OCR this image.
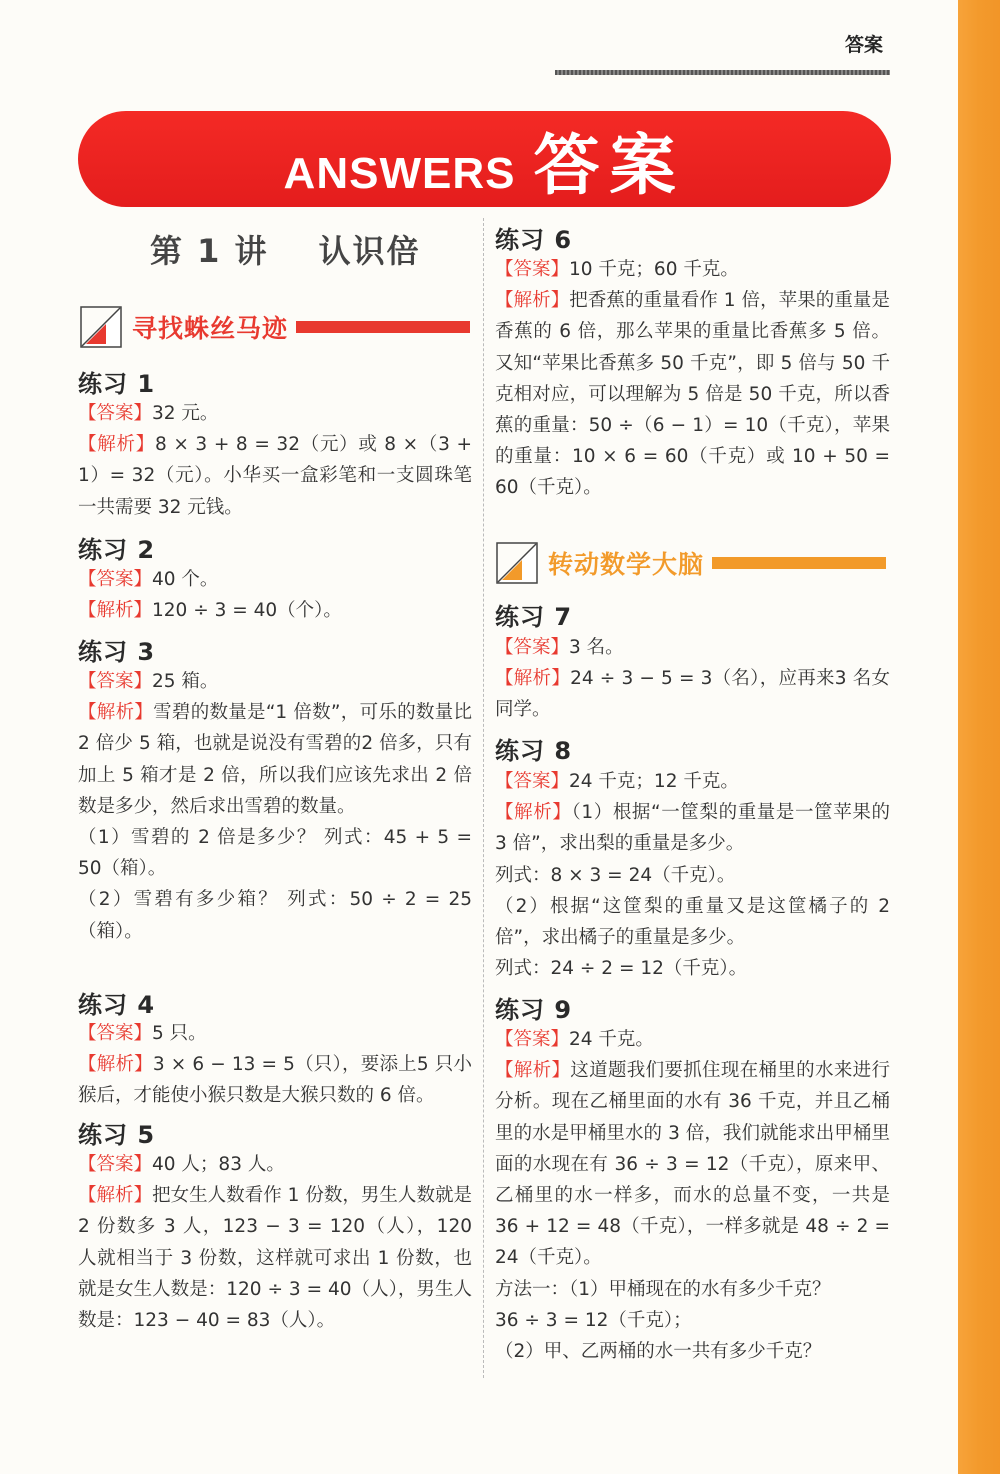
答案
ANSWERS 答案
第 1 讲 认识倍
寻找蛛丝马迹
练习 1
【答案】32 元。
【解析】8 × 3 + 8 = 32（元）或 8 ×（3 + 1）= 32（元）。小华买一盒彩笔和一支圆珠笔一共需要 32 元钱。
练习 2
【答案】40 个。
【解析】120 ÷ 3 = 40（个）。
练习 3
【答案】25 箱。
【解析】雪碧的数量是“1 倍数”，可乐的数量比 2 倍少 5 箱，也就是说没有雪碧的2 倍多，只有加上 5 箱才是 2 倍，所以我们应该先求出 2 倍数是多少，然后求出雪碧的数量。
（1）雪碧的 2 倍是多少？ 列式：45 + 5 = 50（箱）。
（2）雪碧有多少箱？ 列式：50 ÷ 2 = 25（箱）。
练习 4
【答案】5 只。
【解析】3 × 6 − 13 = 5（只），要添上5 只小猴后，才能使小猴只数是大猴只数的 6 倍。
练习 5
【答案】40 人；83 人。
【解析】把女生人数看作 1 份数，男生人数就是 2 份数多 3 人，123 − 3 = 120（人），120 人就相当于 3 份数，这样就可求出 1 份数，也就是女生人数是：120 ÷ 3 = 40（人），男生人数是：123 − 40 = 83（人）。
练习 6
【答案】10 千克；60 千克。
【解析】把香蕉的重量看作 1 倍，苹果的重量是香蕉的 6 倍，那么苹果的重量比香蕉多 5 倍。又知“苹果比香蕉多 50 千克”，即 5 倍与 50 千克相对应，可以理解为 5 倍是 50 千克，所以香蕉的重量：50 ÷（6 − 1）= 10（千克），苹果的重量：10 × 6 = 60（千克）或 10 + 50 = 60（千克）。
转动数学大脑
练习 7
【答案】3 名。
【解析】24 ÷ 3 − 5 = 3（名），应再来3 名女同学。
练习 8
【答案】24 千克；12 千克。
【解析】（1）根据“一筐梨的重量是一筐苹果的 3 倍”，求出梨的重量是多少。
列式：8 × 3 = 24（千克）。
（2）根据“这筐梨的重量又是这筐橘子的 2 倍”，求出橘子的重量是多少。
列式：24 ÷ 2 = 12（千克）。
练习 9
【答案】24 千克。
【解析】这道题我们要抓住现在桶里的水来进行分析。现在乙桶里面的水有 36 千克，并且乙桶里的水是甲桶里水的 3 倍，我们就能求出甲桶里面的水现在有 36 ÷ 3 = 12（千克），原来甲、乙桶里的水一样多，而水的总量不变，一共是 36 + 12 = 48（千克），一样多就是 48 ÷ 2 = 24（千克）。
方法一：（1）甲桶现在的水有多少千克？
36 ÷ 3 = 12（千克）；
（2）甲、乙两桶的水一共有多少千克？
